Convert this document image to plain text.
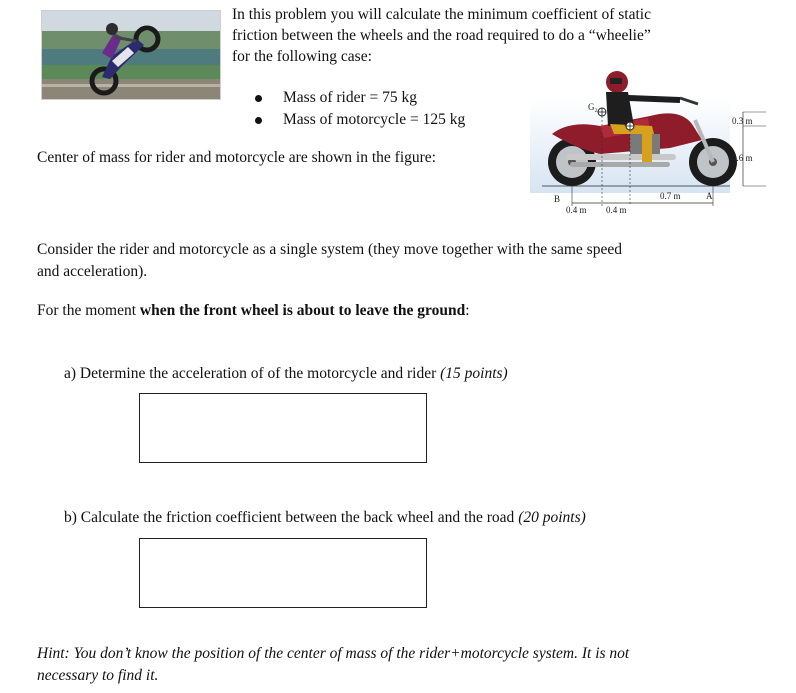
In this problem you will calculate the minimum coefficient of static
friction between the wheels and the road required to do a “wheelie”
for the following case:
Mass of rider = 75 kg
Mass of motorcycle = 125 kg
Center of mass for rider and motorcycle are shown in the figure:
G₂
G₁
B	A
0.4 m 0.4 m
0.7 m
0.3 m
0.6 m
Consider the rider and motorcycle as a single system (they move together with the same speed
and acceleration).
For the moment when the front wheel is about to leave the ground:
a) Determine the acceleration of of the motorcycle and rider (15 points)
b) Calculate the friction coefficient between the back wheel and the road (20 points)
Hint: You don’t know the position of the center of mass of the rider+motorcycle system. It is not
necessary to find it.
